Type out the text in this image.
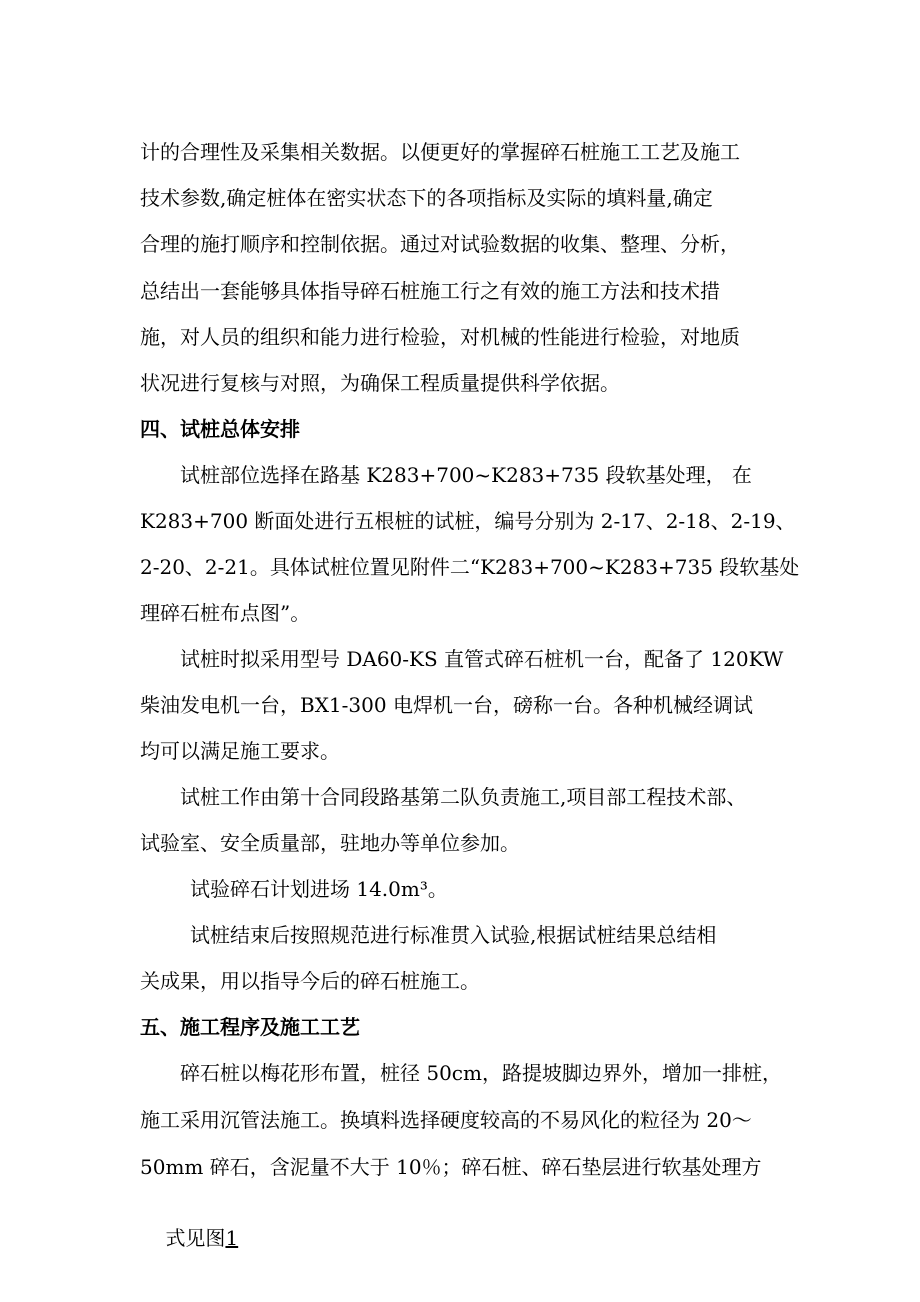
计的合理性及采集相关数据。以便更好的掌握碎石桩施工工艺及施工
技术参数,确定桩体在密实状态下的各项指标及实际的填料量,确定
合理的施打顺序和控制依据。通过对试验数据的收集、整理、分析，
总结出一套能够具体指导碎石桩施工行之有效的施工方法和技术措
施，对人员的组织和能力进行检验，对机械的性能进行检验，对地质
状况进行复核与对照，为确保工程质量提供科学依据。
四、试桩总体安排
试桩部位选择在路基 K283+700~K283+735 段软基处理， 在
K283+700 断面处进行五根桩的试桩，编号分别为 2-17、2-18、2-19、
2-20、2-21。具体试桩位置见附件二“K283+700~K283+735 段软基处
理碎石桩布点图”。
试桩时拟采用型号 DA60-KS 直管式碎石桩机一台，配备了 120KW
柴油发电机一台，BX1-300 电焊机一台，磅称一台。各种机械经调试
均可以满足施工要求。
试桩工作由第十合同段路基第二队负责施工,项目部工程技术部、
试验室、安全质量部，驻地办等单位参加。
试验碎石计划进场 14.0m³。
试桩结束后按照规范进行标准贯入试验,根据试桩结果总结相
关成果，用以指导今后的碎石桩施工。
五、施工程序及施工工艺
碎石桩以梅花形布置，桩径 50cm，路提坡脚边界外，增加一排桩，
施工采用沉管法施工。换填料选择硬度较高的不易风化的粒径为 20～
50mm 碎石，含泥量不大于 10％；碎石桩、碎石垫层进行软基处理方

式见图1
